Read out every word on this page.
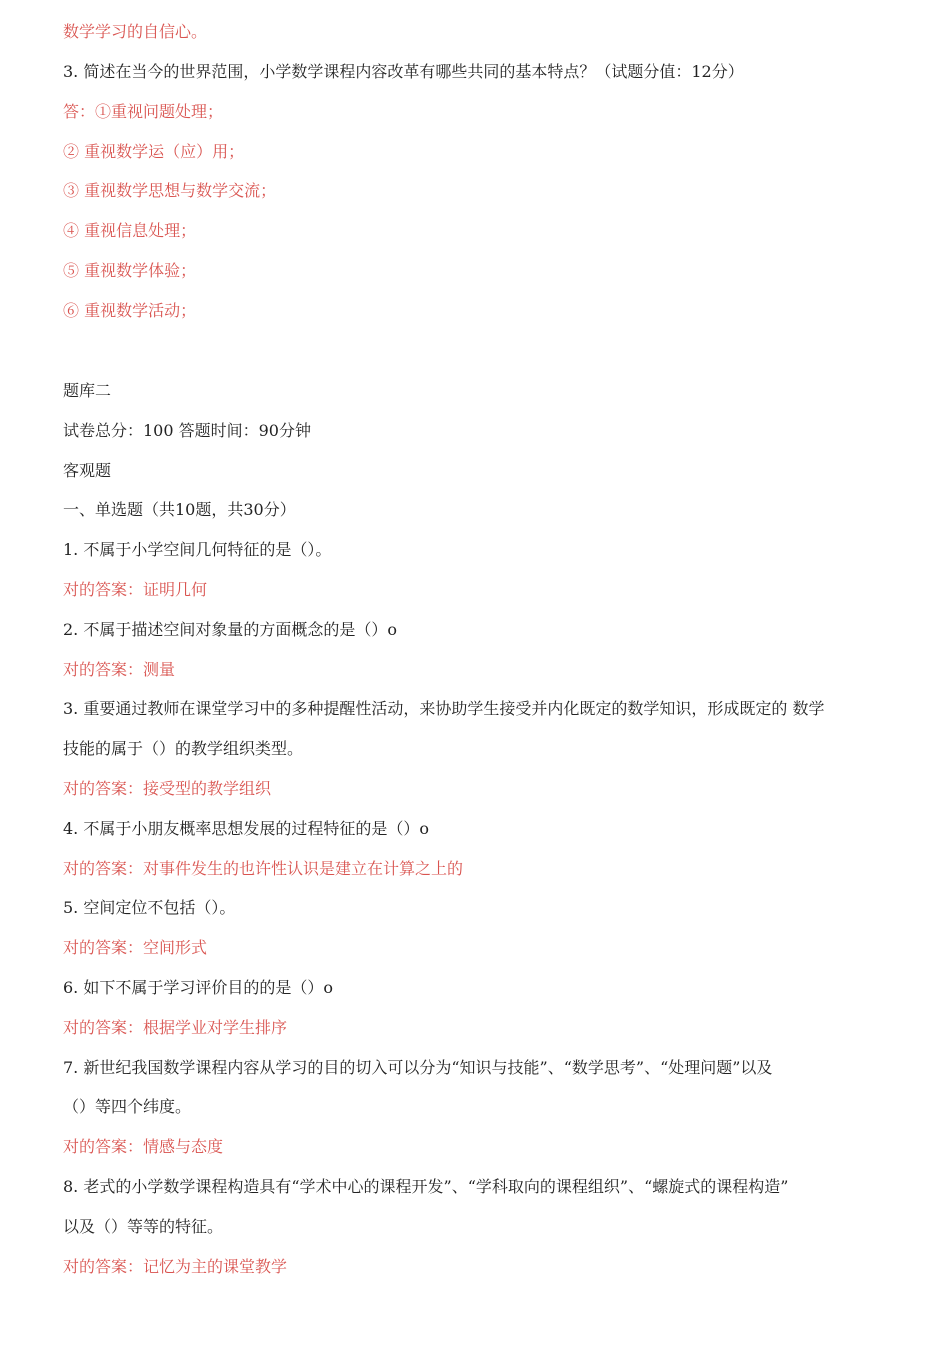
数学学习的自信心。
3. 简述在当今的世界范围，小学数学课程内容改革有哪些共同的基本特点？（试题分值：12分）
答：①重视问题处理；
② 重视数学运（应）用；
③ 重视数学思想与数学交流；
④ 重视信息处理；
⑤ 重视数学体验；
⑥ 重视数学活动；
题库二
试卷总分：100 答题时间：90分钟
客观题
一、单选题（共10题，共30分）
1. 不属于小学空间几何特征的是（）。
对的答案：证明几何
2. 不属于描述空间对象量的方面概念的是（）o
对的答案：测量
3. 重要通过教师在课堂学习中的多种提醒性活动，来协助学生接受并内化既定的数学知识，形成既定的 数学
技能的属于（）的教学组织类型。
对的答案：接受型的教学组织
4. 不属于小朋友概率思想发展的过程特征的是（）o
对的答案：对事件发生的也许性认识是建立在计算之上的
5. 空间定位不包括（）。
对的答案：空间形式
6. 如下不属于学习评价目的的是（）o
对的答案：根据学业对学生排序
7. 新世纪我国数学课程内容从学习的目的切入可以分为“知识与技能”、“数学思考”、“处理问题”以及
（）等四个纬度。
对的答案：情感与态度
8. 老式的小学数学课程构造具有“学术中心的课程开发”、“学科取向的课程组织”、“螺旋式的课程构造”
以及（）等等的特征。
对的答案：记忆为主的课堂教学
